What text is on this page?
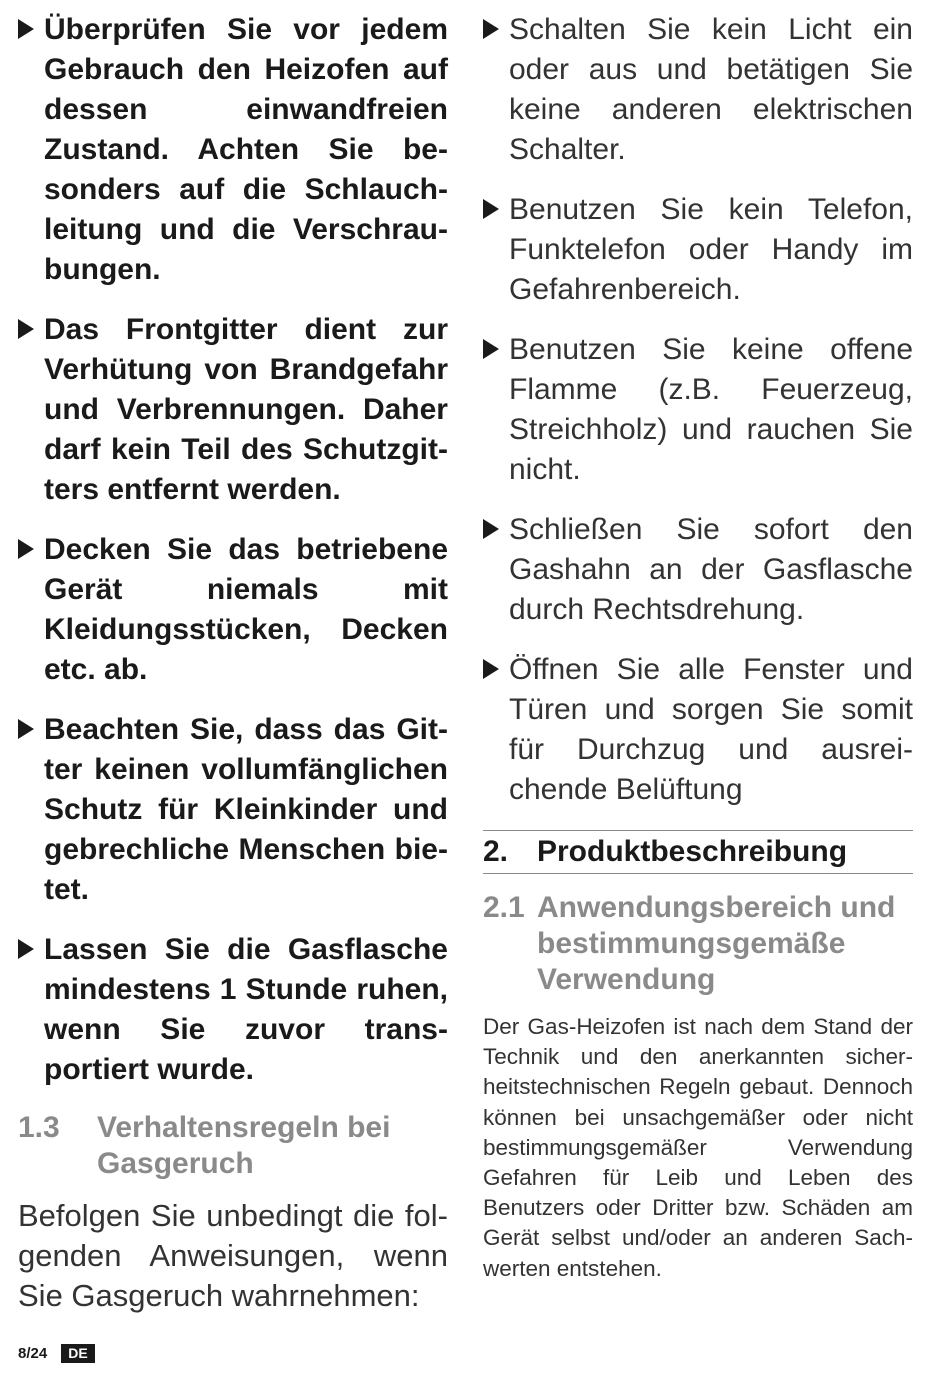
Überprüfen Sie vor jedem Gebrauch den Heizofen auf dessen einwandfreien Zustand. Achten Sie besonders auf die Schlauchleitung und die Verschraubungen.
Das Frontgitter dient zur Verhütung von Brandgefahr und Verbrennungen. Daher darf kein Teil des Schutzgitters entfernt werden.
Decken Sie das betriebene Gerät niemals mit Kleidungsstücken, Decken etc. ab.
Beachten Sie, dass das Gitter keinen vollumfänglichen Schutz für Kleinkinder und gebrechliche Menschen bietet.
Lassen Sie die Gasflasche mindestens 1 Stunde ruhen, wenn Sie zuvor transportiert wurde.
1.3	Verhaltensregeln bei Gasgeruch

Befolgen Sie unbedingt die folgenden Anweisungen, wenn Sie Gasgeruch wahrnehmen:

Schalten Sie kein Licht ein oder aus und betätigen Sie keine anderen elektrischen Schalter.
Benutzen Sie kein Telefon, Funktelefon oder Handy im Gefahrenbereich.
Benutzen Sie keine offene Flamme (z.B. Feuerzeug, Streichholz) und rauchen Sie nicht.
Schließen Sie sofort den Gashahn an der Gasflasche durch Rechtsdrehung.
Öffnen Sie alle Fenster und Türen und sorgen Sie somit für Durchzug und ausreichende Belüftung
2. Produktbeschreibung
2.1 Anwendungsbereich und bestimmungsgemäße Verwendung

Der Gas-Heizofen ist nach dem Stand der Technik und den anerkannten sicherheitstechnischen Regeln gebaut. Dennoch können bei unsachgemäßer oder nicht bestimmungsgemäßer Verwendung Gefahren für Leib und Leben des Benutzers oder Dritter bzw. Schäden am Gerät selbst und/oder an anderen Sachwerten entstehen.

8/24	DE
